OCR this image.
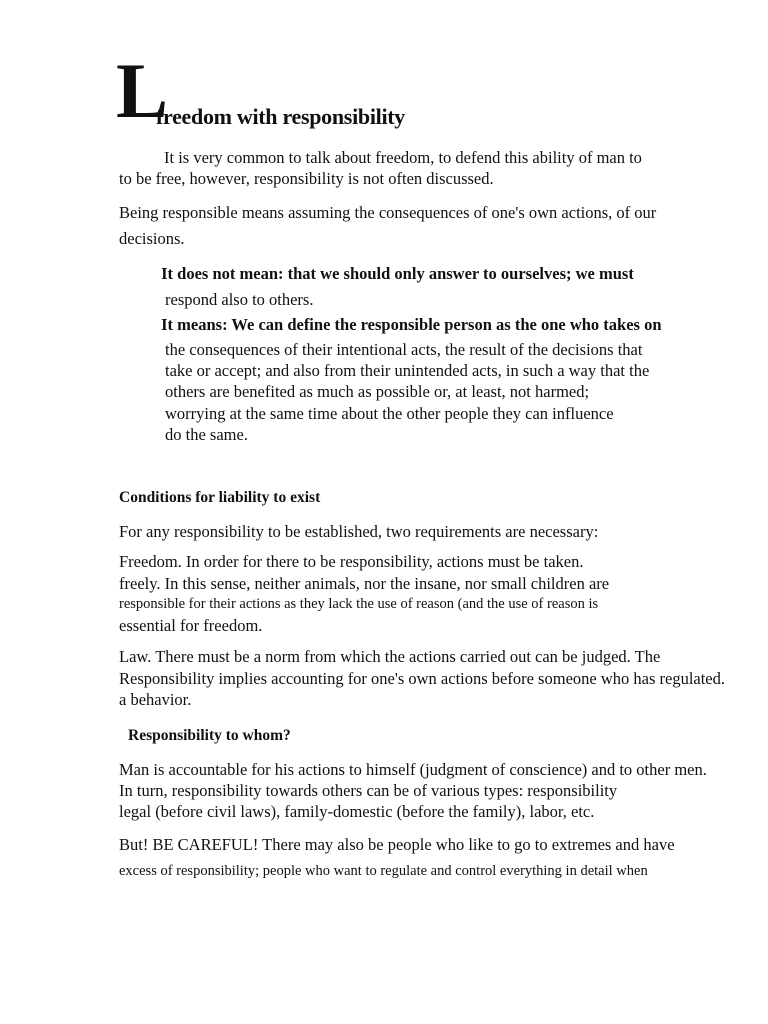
L
freedom with responsibility
It is very common to talk about freedom, to defend this ability of man to
to be free, however, responsibility is not often discussed.
Being responsible means assuming the consequences of one's own actions, of our
decisions.
It does not mean: that we should only answer to ourselves; we must
respond also to others.
It means: We can define the responsible person as the one who takes on
the consequences of their intentional acts, the result of the decisions that
take or accept; and also from their unintended acts, in such a way that the
others are benefited as much as possible or, at least, not harmed;
worrying at the same time about the other people they can influence
do the same.
Conditions for liability to exist
For any responsibility to be established, two requirements are necessary:
Freedom. In order for there to be responsibility, actions must be taken.
freely. In this sense, neither animals, nor the insane, nor small children are
responsible for their actions as they lack the use of reason (and the use of reason is
essential for freedom.
Law. There must be a norm from which the actions carried out can be judged. The
Responsibility implies accounting for one's own actions before someone who has regulated.
a behavior.
Responsibility to whom?
Man is accountable for his actions to himself (judgment of conscience) and to other men.
In turn, responsibility towards others can be of various types: responsibility
legal (before civil laws), family-domestic (before the family), labor, etc.
But! BE CAREFUL! There may also be people who like to go to extremes and have
excess of responsibility; people who want to regulate and control everything in detail when
